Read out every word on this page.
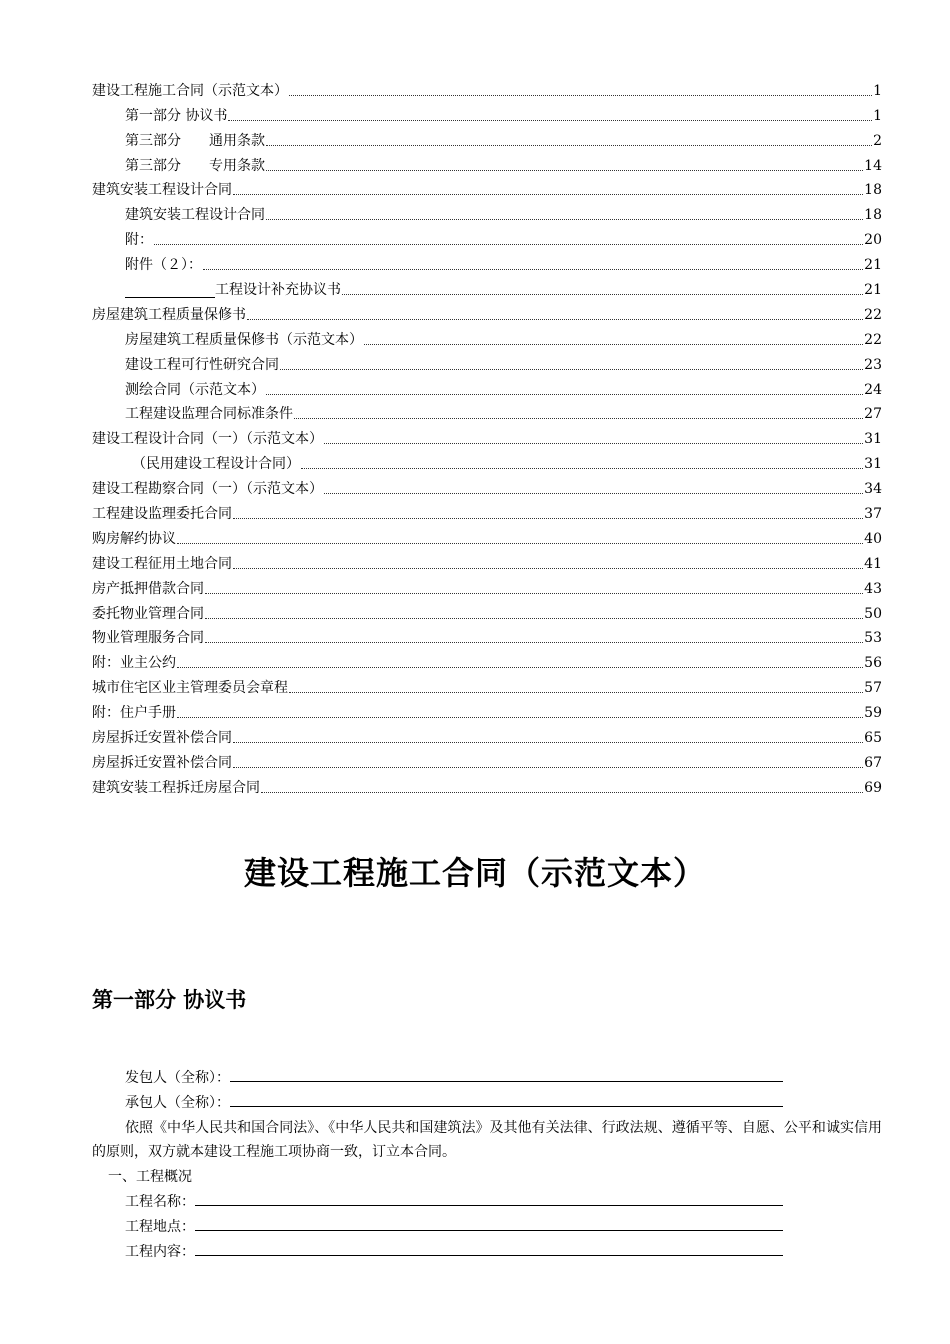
建设工程施工合同（示范文本）	1
第一部分 协议书	1
第三部分　　通用条款	2
第三部分　　专用条款	14
建筑安装工程设计合同	18
建筑安装工程设计合同	18
附：	20
附件（２）：	21
工程设计补充协议书	21
房屋建筑工程质量保修书	22
房屋建筑工程质量保修书（示范文本）	22
建设工程可行性研究合同	23
测绘合同（示范文本）	24
工程建设监理合同标准条件	27
建设工程设计合同（一）（示范文本）	31
（民用建设工程设计合同）	31
建设工程勘察合同（一）（示范文本）	34
工程建设监理委托合同	37
购房解约协议	40
建设工程征用土地合同	41
房产抵押借款合同	43
委托物业管理合同	50
物业管理服务合同	53
附：业主公约	56
城市住宅区业主管理委员会章程	57
附：住户手册	59
房屋拆迁安置补偿合同	65
房屋拆迁安置补偿合同	67
建筑安装工程拆迁房屋合同	69
建设工程施工合同（示范文本）
第一部分 协议书
发包人（全称）：
承包人（全称）：
依照《中华人民共和国合同法》、《中华人民共和国建筑法》及其他有关法律、行政法规、遵循平等、自愿、公平和诚实信用的原则，双方就本建设工程施工项协商一致，订立本合同。
一、工程概况
工程名称：
工程地点：
工程内容：
